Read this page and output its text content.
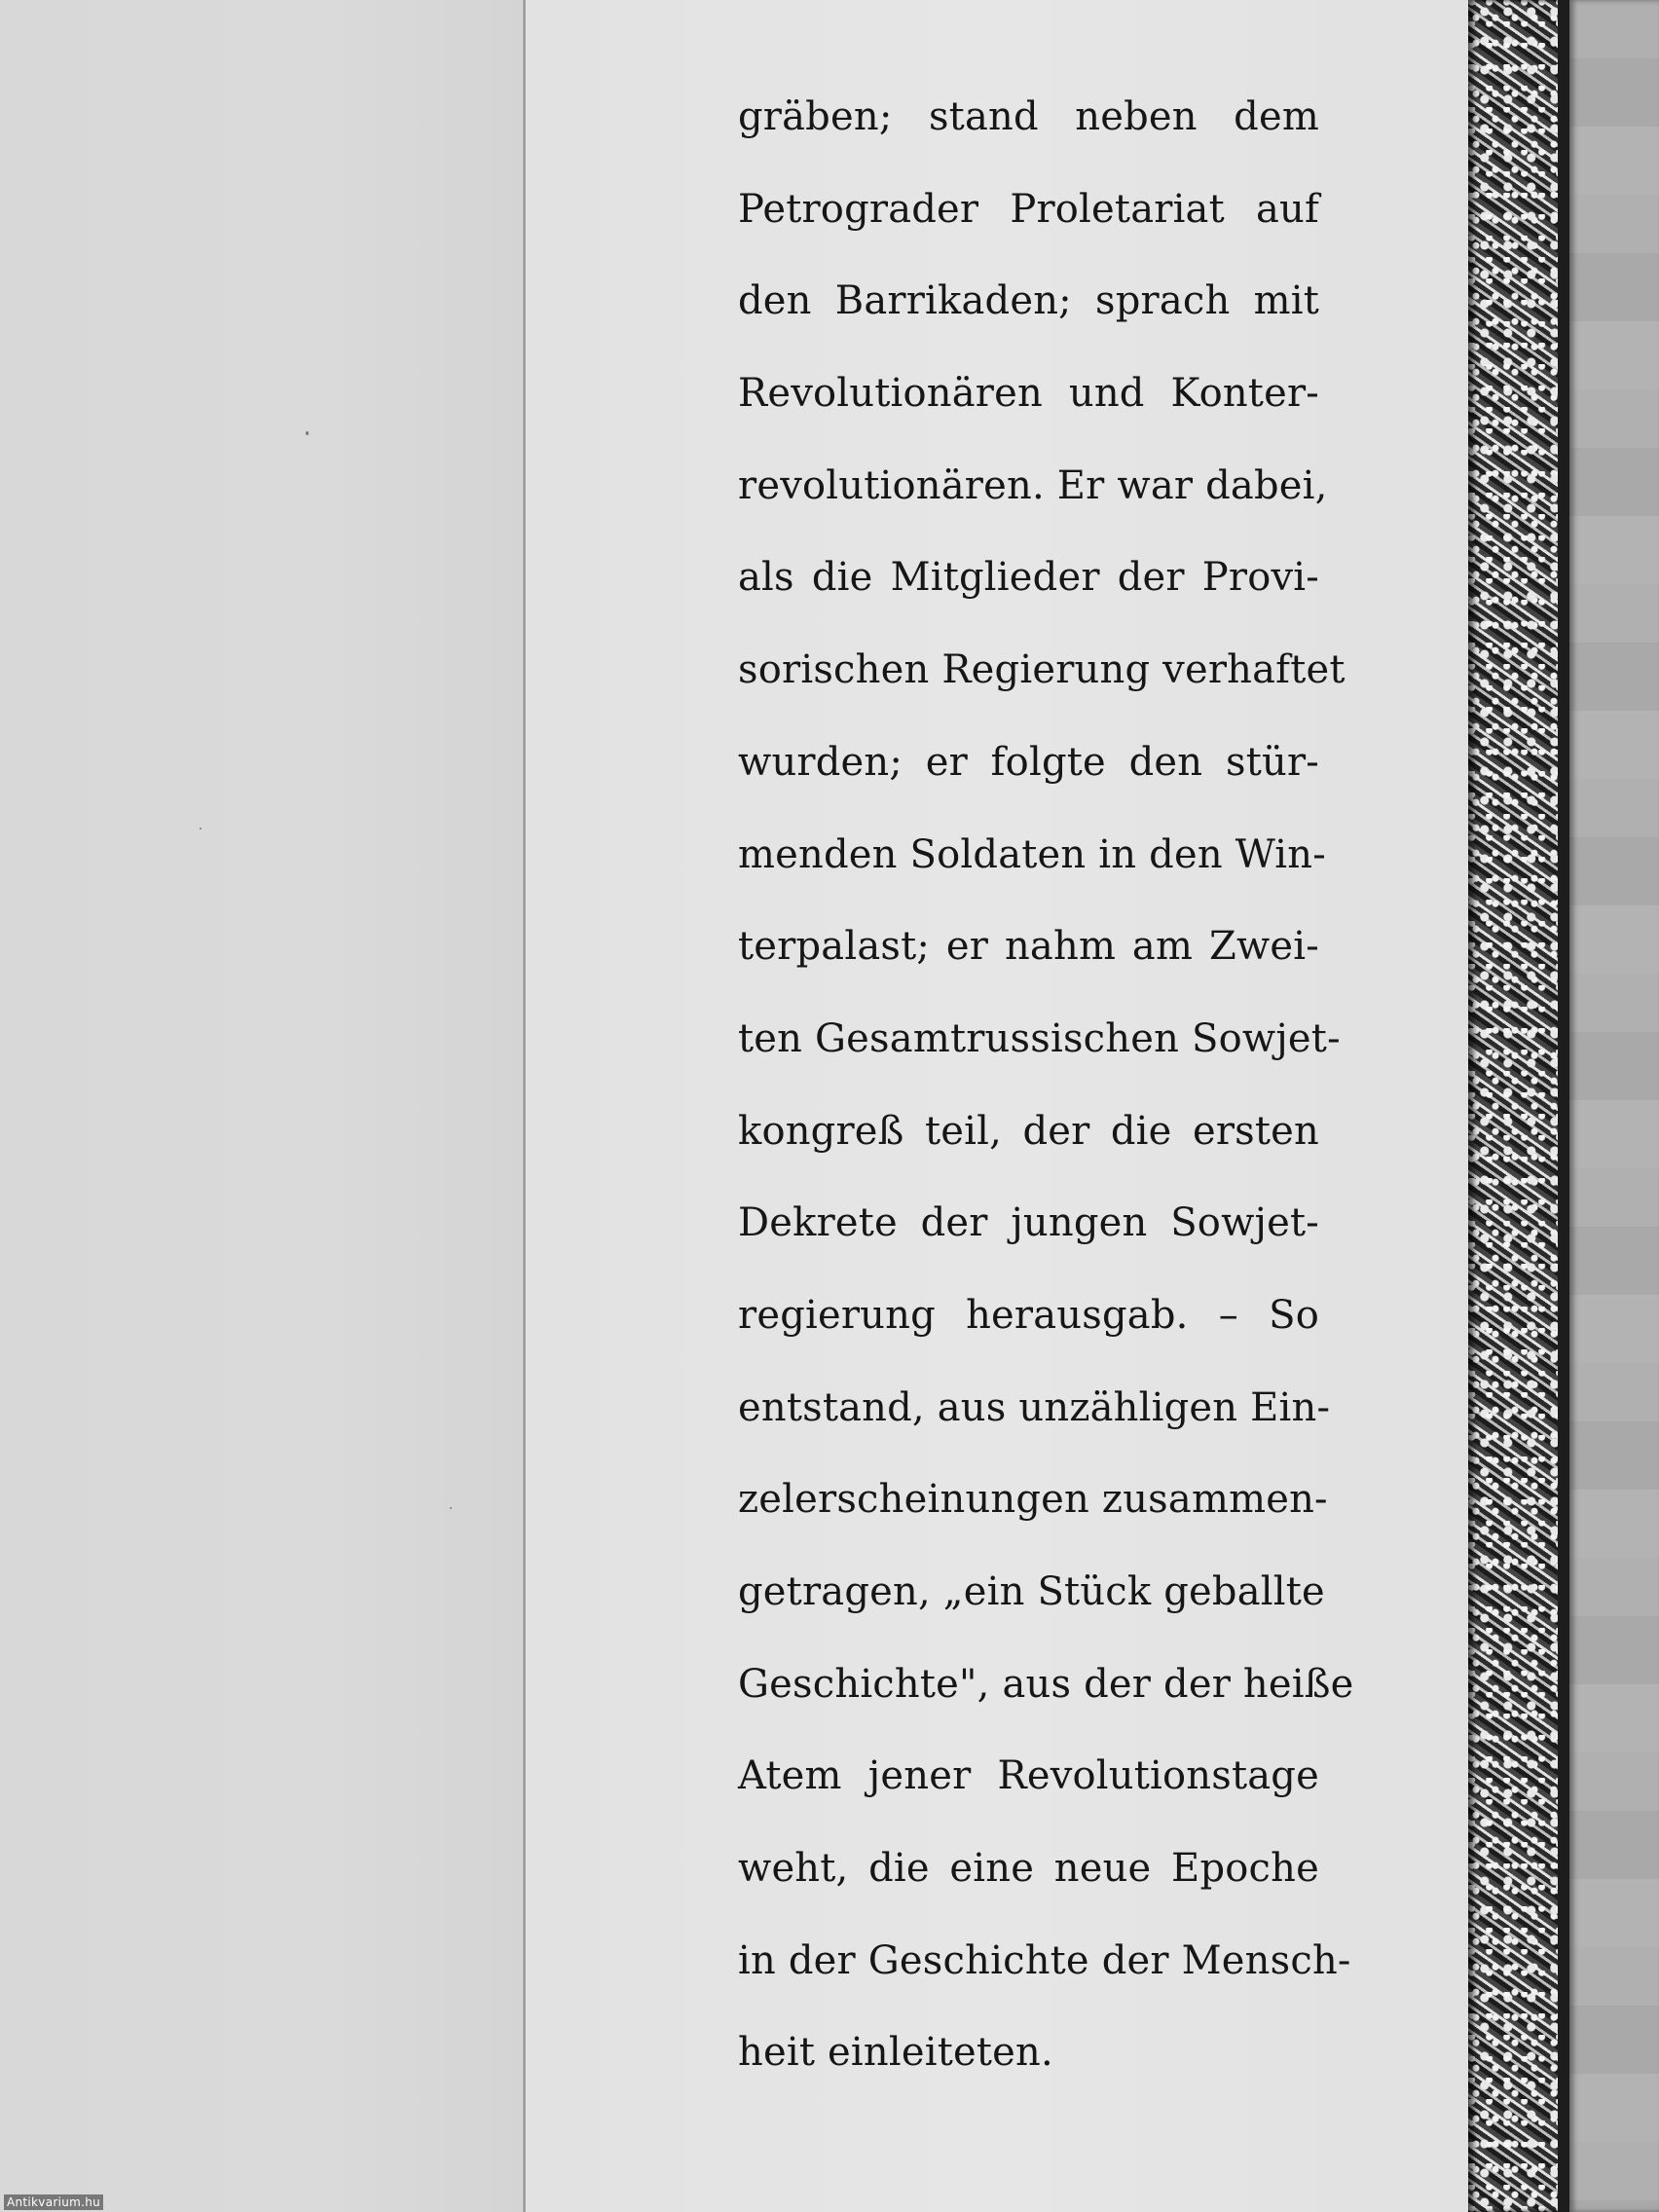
gräben; stand neben dem
Petrograder Proletariat auf
den Barrikaden; sprach mit
Revolutionären und Konter-
revolutionären. Er war dabei,
als die Mitglieder der Provi-
sorischen Regierung verhaftet
wurden; er folgte den stür-
menden Soldaten in den Win-
terpalast; er nahm am Zwei-
ten Gesamtrussischen Sowjet-
kongreß teil, der die ersten
Dekrete der jungen Sowjet-
regierung herausgab. – So
entstand, aus unzähligen Ein-
zelerscheinungen zusammen-
getragen, „ein Stück geballte
Geschichte", aus der der heiße
Atem jener Revolutionstage
weht, die eine neue Epoche
in der Geschichte der Mensch-
heit einleiteten.
Antikvarium.hu
